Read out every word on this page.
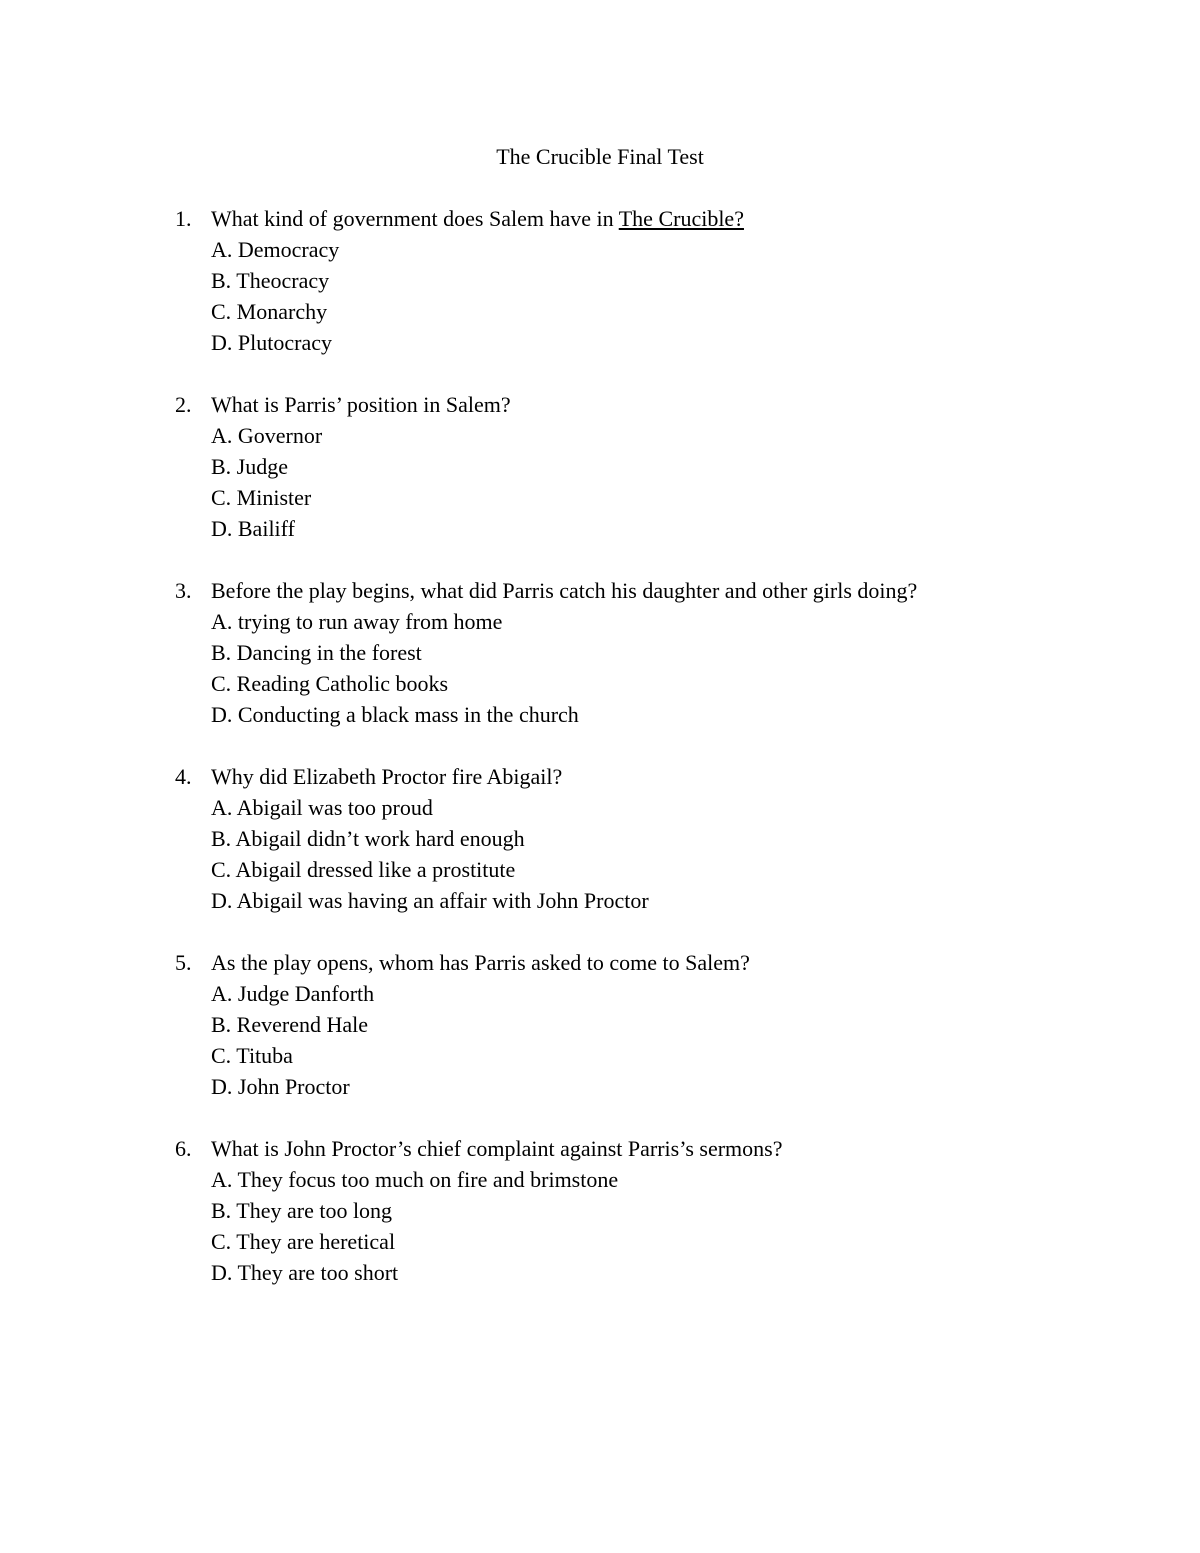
The Crucible Final Test
1. What kind of government does Salem have in The Crucible?
A. Democracy
B. Theocracy
C. Monarchy
D. Plutocracy
2. What is Parris’ position in Salem?
A. Governor
B. Judge
C. Minister
D. Bailiff
3. Before the play begins, what did Parris catch his daughter and other girls doing?
A. trying to run away from home
B. Dancing in the forest
C. Reading Catholic books
D. Conducting a black mass in the church
4. Why did Elizabeth Proctor fire Abigail?
A. Abigail was too proud
B. Abigail didn’t work hard enough
C. Abigail dressed like a prostitute
D. Abigail was having an affair with John Proctor
5. As the play opens, whom has Parris asked to come to Salem?
A. Judge Danforth
B. Reverend Hale
C. Tituba
D. John Proctor
6. What is John Proctor’s chief complaint against Parris’s sermons?
A. They focus too much on fire and brimstone
B. They are too long
C. They are heretical
D. They are too short
